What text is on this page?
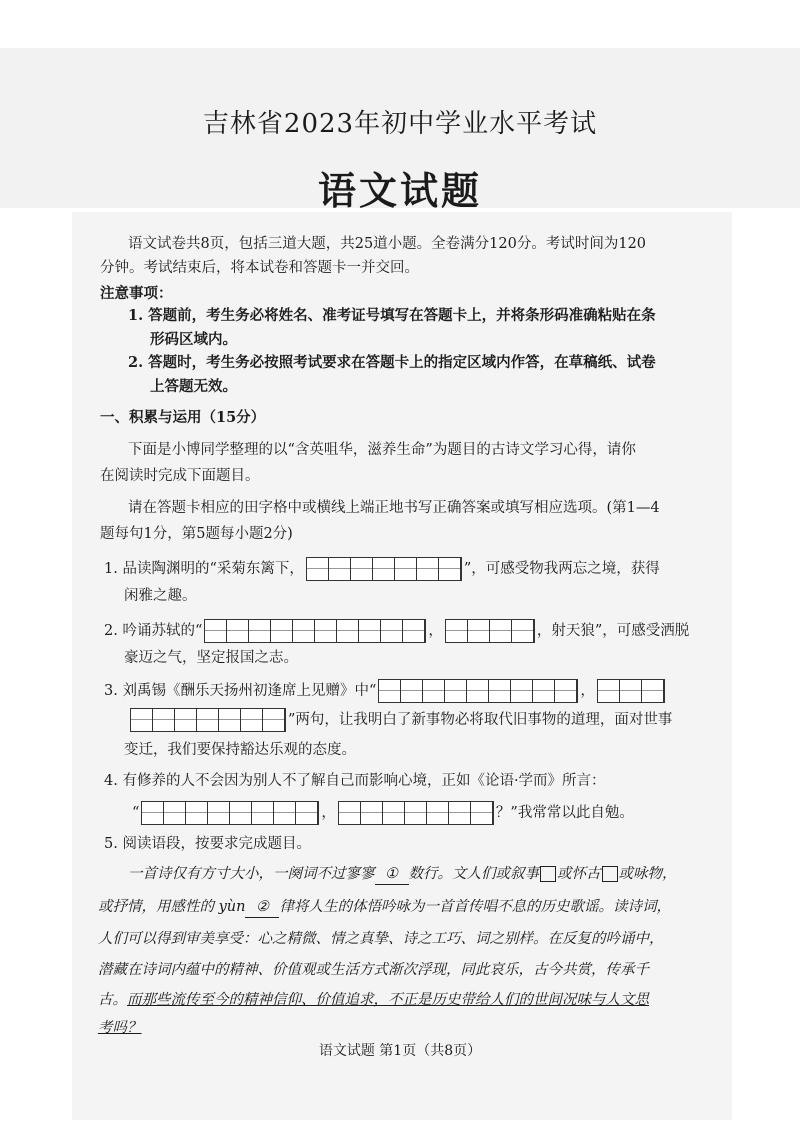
吉林省2023年初中学业水平考试
语文试题
语文试卷共8页，包括三道大题，共25道小题。全卷满分120分。考试时间为120
分钟。考试结束后，将本试卷和答题卡一并交回。
注意事项：
1. 答题前，考生务必将姓名、准考证号填写在答题卡上，并将条形码准确粘贴在条
形码区域内。
2. 答题时，考生务必按照考试要求在答题卡上的指定区域内作答，在草稿纸、试卷
上答题无效。
一、积累与运用（15分）
下面是小博同学整理的以“含英咀华，滋养生命”为题目的古诗文学习心得，请你
在阅读时完成下面题目。
请在答题卡相应的田字格中或横线上端正地书写正确答案或填写相应选项。(第1—4
题每句1分，第5题每小题2分)
1. 品读陶渊明的“采菊东篱下，	”，可感受物我两忘之境，获得
闲雅之趣。
2. 吟诵苏轼的“	，	，射天狼”，可感受洒脱
豪迈之气，坚定报国之志。
3. 刘禹锡《酬乐天扬州初逢席上见赠》中“	，
”两句，让我明白了新事物必将取代旧事物的道理，面对世事
变迁，我们要保持豁达乐观的态度。
4. 有修养的人不会因为别人不了解自己而影响心境，正如《论语·学而》所言：
“	，	？”我常常以此自勉。
5. 阅读语段，按要求完成题目。
一首诗仅有方寸大小，一阕词不过寥寥 ① 数行。文人们或叙事 或怀古 或咏物，
或抒情，用感性的 yùn ② 律将人生的体悟吟咏为一首首传唱不息的历史歌谣。读诗词，
人们可以得到审美享受：心之精微、情之真挚、诗之工巧、词之别样。在反复的吟诵中，
潜藏在诗词内蕴中的精神、价值观或生活方式渐次浮现，同此哀乐，古今共赏，传承千
古。而那些流传至今的精神信仰、价值追求，不正是历史带给人们的世间况味与人文思
考吗？
语文试题 第1页（共8页）
